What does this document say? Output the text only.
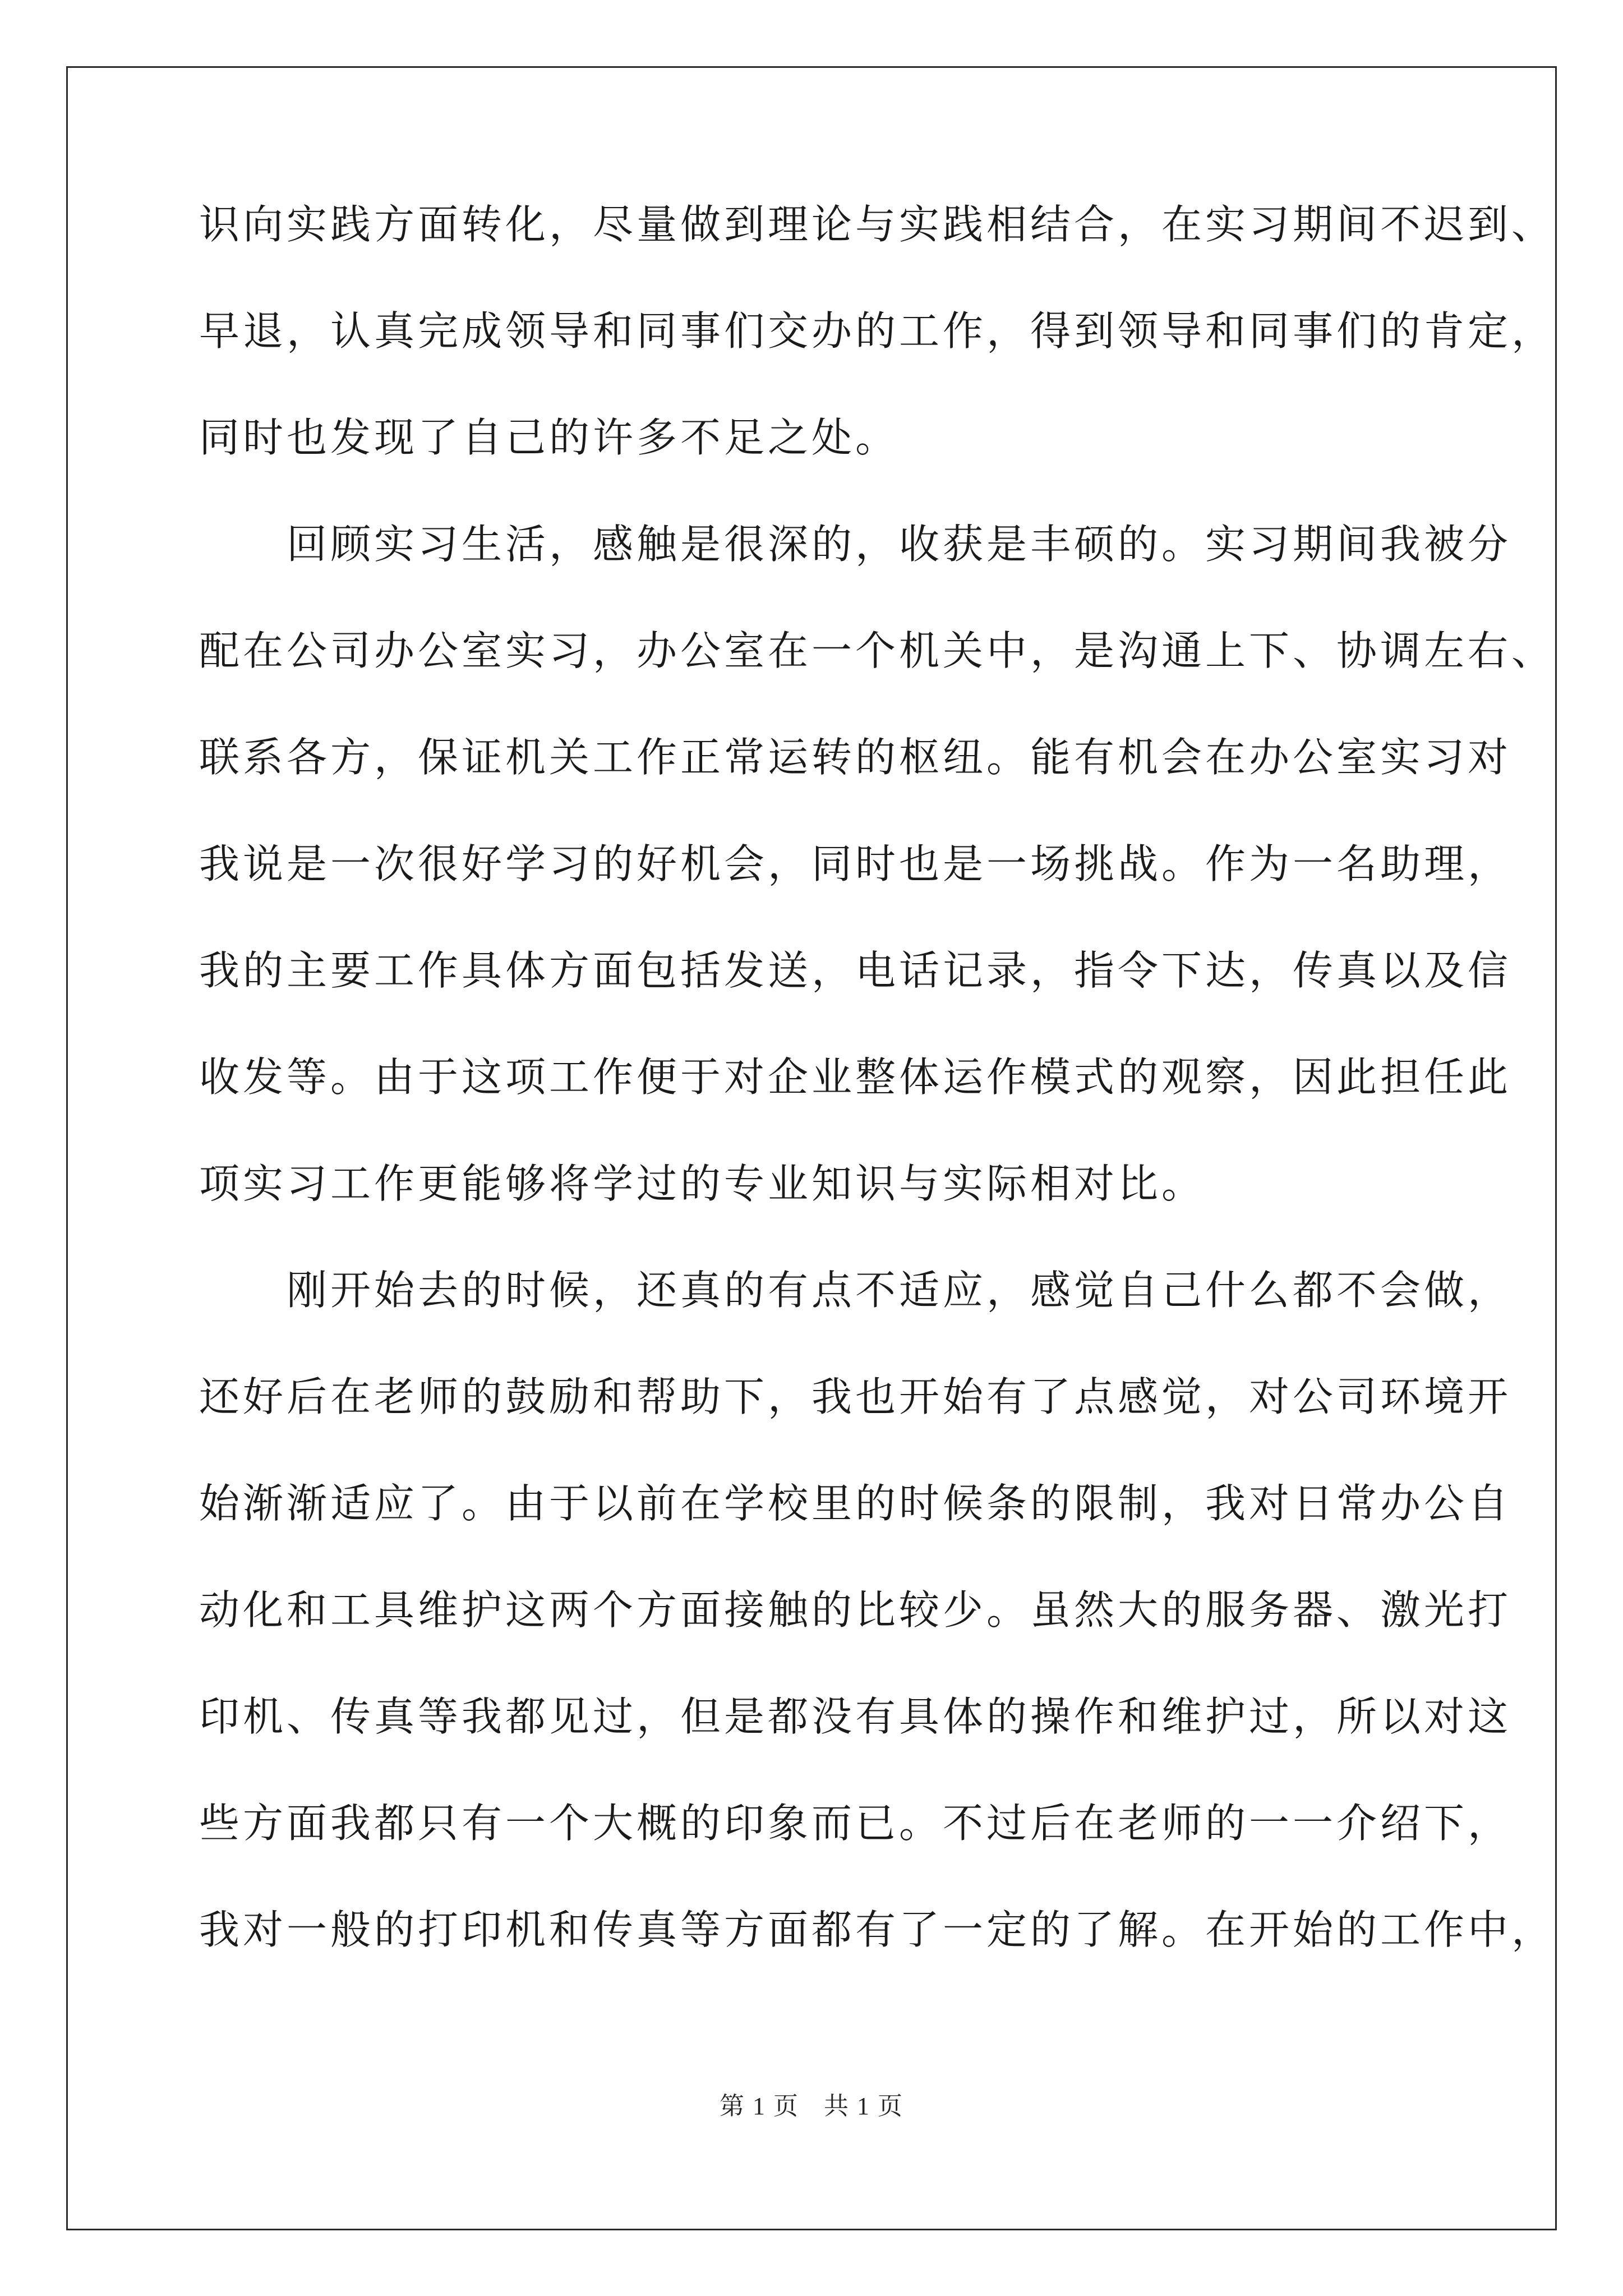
识向实践方面转化，尽量做到理论与实践相结合，在实习期间不迟到、
早退，认真完成领导和同事们交办的工作，得到领导和同事们的肯定，
同时也发现了自己的许多不足之处。
　　回顾实习生活，感触是很深的，收获是丰硕的。实习期间我被分
配在公司办公室实习，办公室在一个机关中，是沟通上下、协调左右、
联系各方，保证机关工作正常运转的枢纽。能有机会在办公室实习对
我说是一次很好学习的好机会，同时也是一场挑战。作为一名助理，
我的主要工作具体方面包括发送，电话记录，指令下达，传真以及信
收发等。由于这项工作便于对企业整体运作模式的观察，因此担任此
项实习工作更能够将学过的专业知识与实际相对比。
　　刚开始去的时候，还真的有点不适应，感觉自己什么都不会做，
还好后在老师的鼓励和帮助下，我也开始有了点感觉，对公司环境开
始渐渐适应了。由于以前在学校里的时候条的限制，我对日常办公自
动化和工具维护这两个方面接触的比较少。虽然大的服务器、激光打
印机、传真等我都见过，但是都没有具体的操作和维护过，所以对这
些方面我都只有一个大概的印象而已。不过后在老师的一一介绍下，
我对一般的打印机和传真等方面都有了一定的了解。在开始的工作中，
第 1 页 共 1 页
